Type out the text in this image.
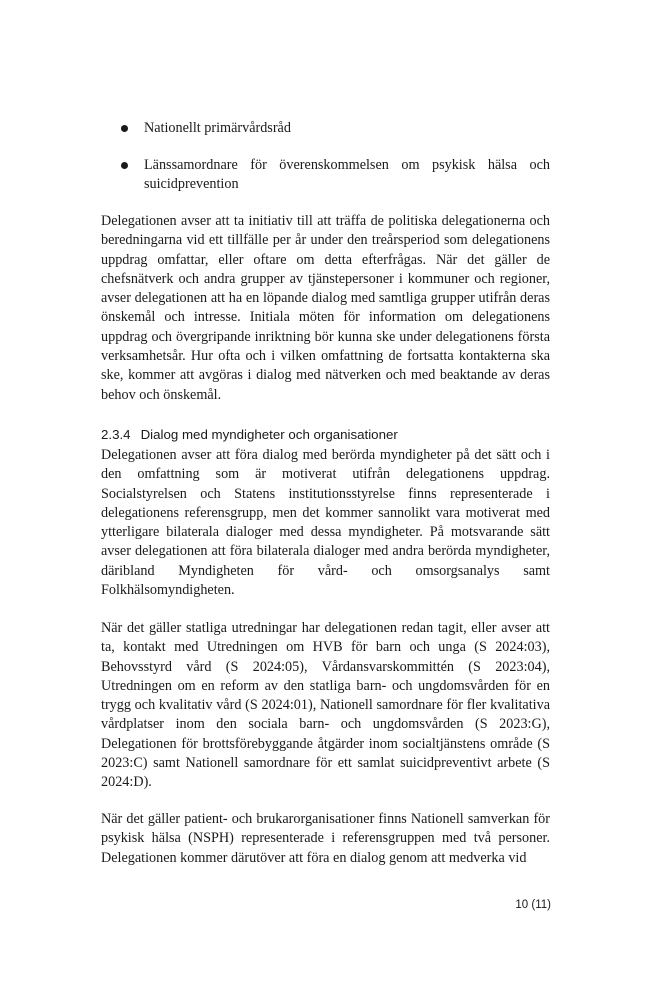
Nationellt primärvårdsråd
Länssamordnare för överenskommelsen om psykisk hälsa och suicidprevention

Delegationen avser att ta initiativ till att träffa de politiska delegationerna och beredningarna vid ett tillfälle per år under den treårsperiod som delegationens uppdrag omfattar, eller oftare om detta efterfrågas. När det gäller de chefsnätverk och andra grupper av tjänstepersoner i kommuner och regioner, avser delegationen att ha en löpande dialog med samtliga grupper utifrån deras önskemål och intresse. Initiala möten för information om delegationens uppdrag och övergripande inriktning bör kunna ske under delegationens första verksamhetsår. Hur ofta och i vilken omfattning de fortsatta kontakterna ska ske, kommer att avgöras i dialog med nätverken och med beaktande av deras behov och önskemål.

2.3.4 Dialog med myndigheter och organisationer

Delegationen avser att föra dialog med berörda myndigheter på det sätt och i den omfattning som är motiverat utifrån delegationens uppdrag. Socialstyrelsen och Statens institutionsstyrelse finns representerade i delegationens referensgrupp, men det kommer sannolikt vara motiverat med ytterligare bilaterala dialoger med dessa myndigheter. På motsvarande sätt avser delegationen att föra bilaterala dialoger med andra berörda myndigheter, däribland Myndigheten för vård- och omsorgsanalys samt Folkhälsomyndigheten.

När det gäller statliga utredningar har delegationen redan tagit, eller avser att ta, kontakt med Utredningen om HVB för barn och unga (S 2024:03), Behovsstyrd vård (S 2024:05), Vårdansvarskommittén (S 2023:04), Utredningen om en reform av den statliga barn- och ungdomsvården för en trygg och kvalitativ vård (S 2024:01), Nationell samordnare för fler kvalitativa vårdplatser inom den sociala barn- och ungdomsvården (S 2023:G), Delegationen för brottsförebyggande åtgärder inom socialtjänstens område (S 2023:C) samt Nationell samordnare för ett samlat suicidpreventivt arbete (S 2024:D).

När det gäller patient- och brukarorganisationer finns Nationell samverkan för psykisk hälsa (NSPH) representerade i referensgruppen med två personer. Delegationen kommer därutöver att föra en dialog genom att medverka vid

10 (11)
